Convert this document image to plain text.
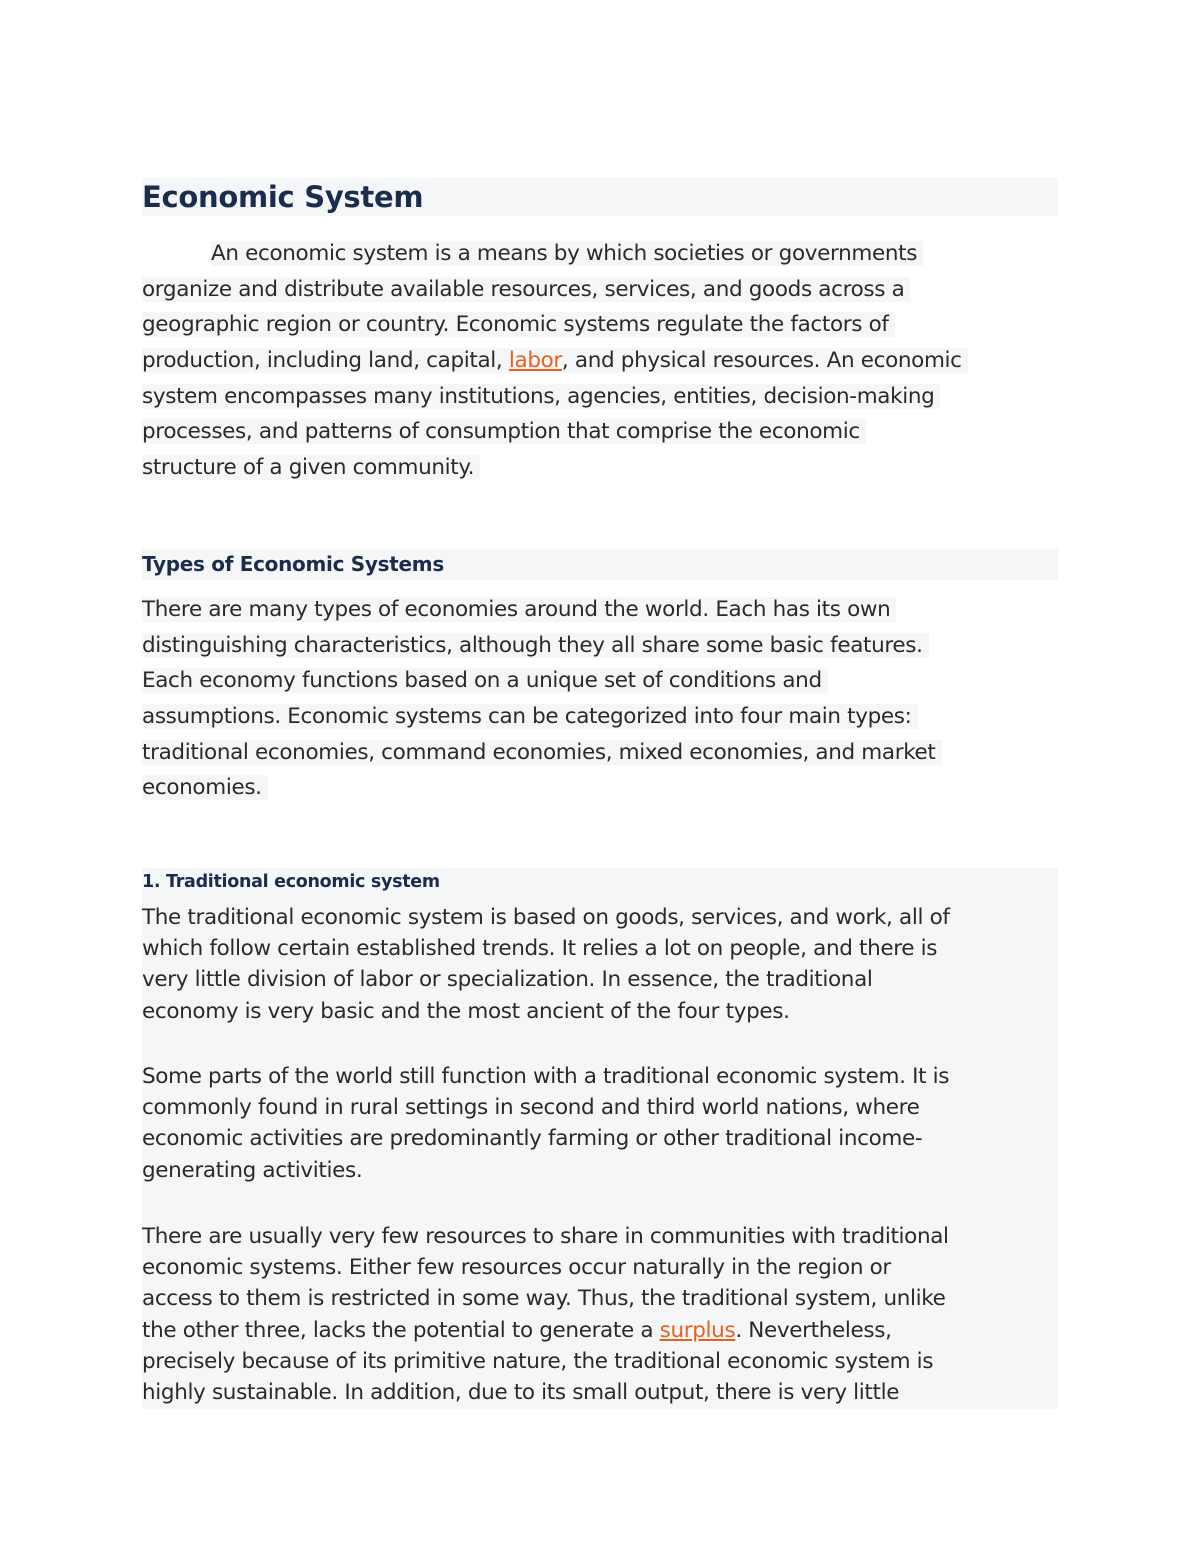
Economic System
An economic system is a means by which societies or governments
organize and distribute available resources, services, and goods across a
geographic region or country. Economic systems regulate the factors of
production, including land, capital, labor, and physical resources. An economic
system encompasses many institutions, agencies, entities, decision-making
processes, and patterns of consumption that comprise the economic
structure of a given community.
Types of Economic Systems
There are many types of economies around the world. Each has its own
distinguishing characteristics, although they all share some basic features.
Each economy functions based on a unique set of conditions and
assumptions. Economic systems can be categorized into four main types:
traditional economies, command economies, mixed economies, and market
economies.
1. Traditional economic system
The traditional economic system is based on goods, services, and work, all of
which follow certain established trends. It relies a lot on people, and there is
very little division of labor or specialization. In essence, the traditional
economy is very basic and the most ancient of the four types.
Some parts of the world still function with a traditional economic system. It is
commonly found in rural settings in second and third world nations, where
economic activities are predominantly farming or other traditional income-
generating activities.
There are usually very few resources to share in communities with traditional
economic systems. Either few resources occur naturally in the region or
access to them is restricted in some way. Thus, the traditional system, unlike
the other three, lacks the potential to generate a surplus. Nevertheless,
precisely because of its primitive nature, the traditional economic system is
highly sustainable. In addition, due to its small output, there is very little
